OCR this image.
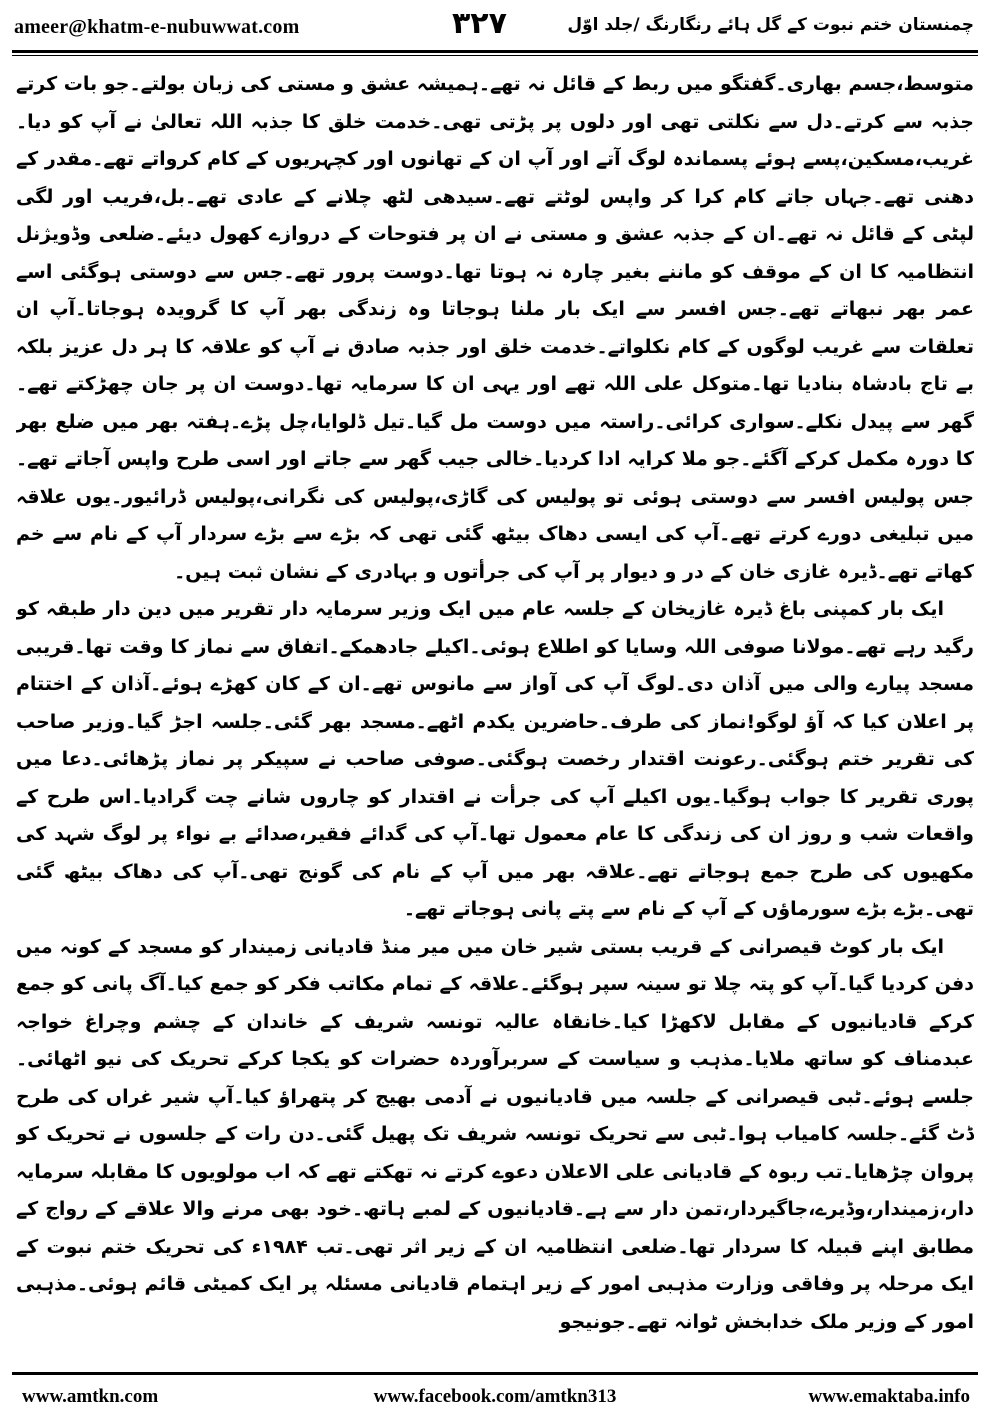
ameer@khatm-e-nubuwwat.com	۳۲۷	چمنستان ختم نبوت کے گل ہائے رنگارنگ /جلد اوّل

متوسط،جسم بھاری۔گفتگو میں ربط کے قائل نہ تھے۔ہمیشہ عشق و مستی کی زبان بولتے۔جو بات کرتے جذبہ سے کرتے۔دل سے نکلتی تھی اور دلوں پر پڑتی تھی۔خدمت خلق کا جذبہ اللہ تعالیٰ نے آپ کو دیا۔غریب،مسکین،پسے ہوئے پسماندہ لوگ آتے اور آپ ان کے تھانوں اور کچہریوں کے کام کرواتے تھے۔مقدر کے دھنی تھے۔جہاں جاتے کام کرا کر واپس لوٹتے تھے۔سیدھی لٹھ چلانے کے عادی تھے۔بل،فریب اور لگی لپٹی کے قائل نہ تھے۔ان کے جذبہ عشق و مستی نے ان پر فتوحات کے دروازے کھول دیئے۔ضلعی وڈویژنل انتظامیہ کا ان کے موقف کو ماننے بغیر چارہ نہ ہوتا تھا۔دوست پرور تھے۔جس سے دوستی ہوگئی اسے عمر بھر نبھاتے تھے۔جس افسر سے ایک بار ملنا ہوجاتا وہ زندگی بھر آپ کا گرویدہ ہوجاتا۔آپ ان تعلقات سے غریب لوگوں کے کام نکلواتے۔خدمت خلق اور جذبہ صادق نے آپ کو علاقہ کا ہر دل عزیز بلکہ بے تاج بادشاہ بنادیا تھا۔متوکل علی اللہ تھے اور یہی ان کا سرمایہ تھا۔دوست ان پر جان چھڑکتے تھے۔گھر سے پیدل نکلے۔سواری کرائی۔راستہ میں دوست مل گیا۔تیل ڈلوایا،چل پڑے۔ہفتہ بھر میں ضلع بھر کا دورہ مکمل کرکے آگئے۔جو ملا کرایہ ادا کردیا۔خالی جیب گھر سے جاتے اور اسی طرح واپس آجاتے تھے۔جس پولیس افسر سے دوستی ہوئی تو پولیس کی گاڑی،پولیس کی نگرانی،پولیس ڈرائیور۔یوں علاقہ میں تبلیغی دورے کرتے تھے۔آپ کی ایسی دھاک بیٹھ گئی تھی کہ بڑے سے بڑے سردار آپ کے نام سے خم کھاتے تھے۔ڈیرہ غازی خان کے در و دیوار پر آپ کی جرأتوں و بہادری کے نشان ثبت ہیں۔

ایک بار کمپنی باغ ڈیرہ غازیخان کے جلسہ عام میں ایک وزیر سرمایہ دار تقریر میں دین دار طبقہ کو رگید رہے تھے۔مولانا صوفی اللہ وسایا کو اطلاع ہوئی۔اکیلے جادھمکے۔اتفاق سے نماز کا وقت تھا۔قریبی مسجد پیارے والی میں آذان دی۔لوگ آپ کی آواز سے مانوس تھے۔ان کے کان کھڑے ہوئے۔آذان کے اختتام پر اعلان کیا کہ آؤ لوگو!نماز کی طرف۔حاضرین یکدم اٹھے۔مسجد بھر گئی۔جلسہ اجڑ گیا۔وزیر صاحب کی تقریر ختم ہوگئی۔رعونت اقتدار رخصت ہوگئی۔صوفی صاحب نے سپیکر پر نماز پڑھائی۔دعا میں پوری تقریر کا جواب ہوگیا۔یوں اکیلے آپ کی جرأت نے اقتدار کو چاروں شانے چت گرادیا۔اس طرح کے واقعات شب و روز ان کی زندگی کا عام معمول تھا۔آپ کی گدائے فقیر،صدائے بے نواء پر لوگ شہد کی مکھیوں کی طرح جمع ہوجاتے تھے۔علاقہ بھر میں آپ کے نام کی گونج تھی۔آپ کی دھاک بیٹھ گئی تھی۔بڑے بڑے سورماؤں کے آپ کے نام سے پتے پانی ہوجاتے تھے۔

ایک بار کوٹ قیصرانی کے قریب بستی شیر خان میں میر منڈ قادیانی زمیندار کو مسجد کے کونہ میں دفن کردیا گیا۔آپ کو پتہ چلا تو سینہ سپر ہوگئے۔علاقہ کے تمام مکاتب فکر کو جمع کیا۔آگ پانی کو جمع کرکے قادیانیوں کے مقابل لاکھڑا کیا۔خانقاہ عالیہ تونسہ شریف کے خاندان کے چشم وچراغ خواجہ عبدمناف کو ساتھ ملایا۔مذہب و سیاست کے سربرآوردہ حضرات کو یکجا کرکے تحریک کی نیو اٹھائی۔جلسے ہوئے۔ٹبی قیصرانی کے جلسہ میں قادیانیوں نے آدمی بھیج کر پتھراؤ کیا۔آپ شیر غراں کی طرح ڈٹ گئے۔جلسہ کامیاب ہوا۔ٹبی سے تحریک تونسہ شریف تک پھیل گئی۔دن رات کے جلسوں نے تحریک کو پروان چڑھایا۔تب ربوہ کے قادیانی علی الاعلان دعوے کرتے نہ تھکتے تھے کہ اب مولویوں کا مقابلہ سرمایہ دار،زمیندار،وڈیرے،جاگیردار،تمن دار سے ہے۔قادیانیوں کے لمبے ہاتھ۔خود بھی مرنے والا علاقے کے رواج کے مطابق اپنے قبیلہ کا سردار تھا۔ضلعی انتظامیہ ان کے زیر اثر تھی۔تب ۱۹۸۴ء کی تحریک ختم نبوت کے ایک مرحلہ پر وفاقی وزارت مذہبی امور کے زیر اہتمام قادیانی مسئلہ پر ایک کمیٹی قائم ہوئی۔مذہبی امور کے وزیر ملک خدابخش ٹوانہ تھے۔جونیجو

www.amtkn.com	www.facebook.com/amtkn313	www.emaktaba.info
